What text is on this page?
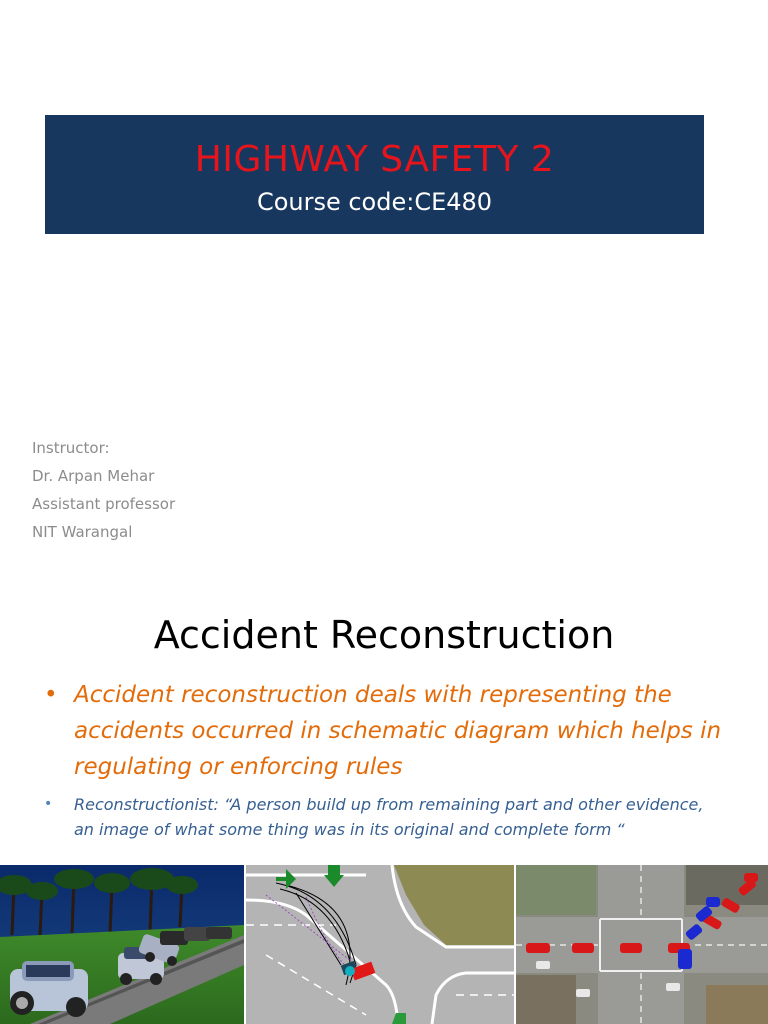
HIGHWAY SAFETY 2
Course code:CE480
Instructor:
Dr. Arpan Mehar
Assistant professor
NIT Warangal
Accident Reconstruction
• Accident reconstruction deals with representing the accidents occurred in schematic diagram which helps in regulating or enforcing rules
•	Reconstructionist: “A person build up from remaining part and other evidence, an image of what some thing was in its original and complete form “
